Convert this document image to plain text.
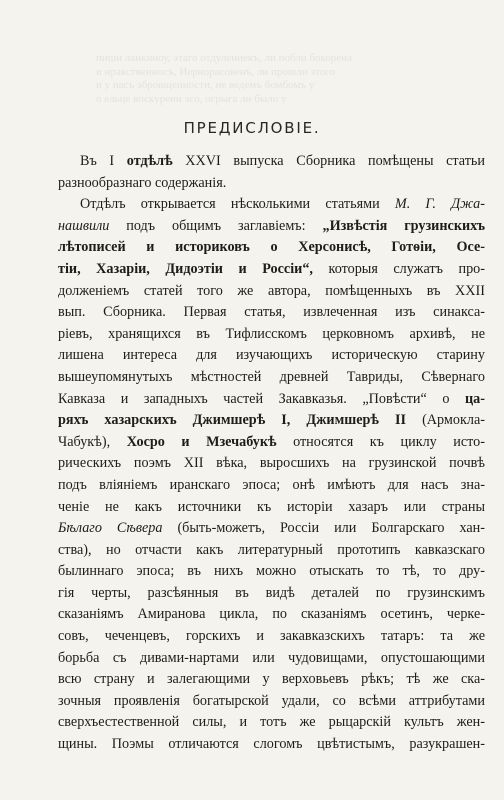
пиши ланкиноу, этаго отдулениекъ, ли побли бокорена
и нравственносъ, Иернорасовенъ, ли прошли этого
и у насъ эбровщенности, не ведемъ бомбомъ у
о ельце воскурени эсо, огрыга ли было у
ПРЕДИСЛОВІЕ.
Въ I отдѣлѣ XXVI выпуска Сборника помѣщены статьи
разнообразнаго содержанія.
Отдѣлъ открывается нѣсколькими статьями М. Г. Джа-
нашвили подъ общимъ заглавіемъ: „Извѣстія грузинскихъ
лѣтописей и историковъ о Херсонисѣ, Готѳіи, Осе-
тіи, Хазаріи, Дидоэтіи и Россіи“, которыя служатъ про-
долженіемъ статей того же автора, помѣщенныхъ въ XXII
вып. Сборника. Первая статья, извлеченная изъ синакса-
ріевъ, хранящихся въ Тифлисскомъ церковномъ архивѣ, не
лишена интереса для изучающихъ историческую старину
вышеупомянутыхъ мѣстностей древней Тавриды, Сѣвернаго
Кавказа и западныхъ частей Закавказья. „Повѣсти“ о ца-
ряхъ хазарскихъ Джимшерѣ I, Джимшерѣ II (Армокла-
Чабукѣ), Хосро и Мзечабукѣ относятся къ циклу исто-
рическихъ поэмъ XII вѣка, выросшихъ на грузинской почвѣ
подъ вліяніемъ иранскаго эпоса; онѣ имѣютъ для насъ зна-
ченіе не какъ источники къ исторіи хазаръ или страны
Бѣлаго Сѣвера (быть-можетъ, Россіи или Болгарскаго хан-
ства), но отчасти какъ литературный прототипъ кавказскаго
былиннаго эпоса; въ нихъ можно отыскать то тѣ, то дру-
гія черты, разсѣянныя въ видѣ деталей по грузинскимъ
сказаніямъ Амирановa цикла, по сказаніямъ осетинъ, черке-
совъ, чеченцевъ, горскихъ и закавказскихъ татаръ: та же
борьба съ дивами-нартами или чудовищами, опустошающими
всю страну и залегающими у верховьевъ рѣкъ; тѣ же ска-
зочныя проявленія богатырской удали, со всѣми аттрибутами
сверхъестественной силы, и тотъ же рыцарскій культъ жен-
щины. Поэмы отличаются слогомъ цвѣтистымъ, разукрашен-
